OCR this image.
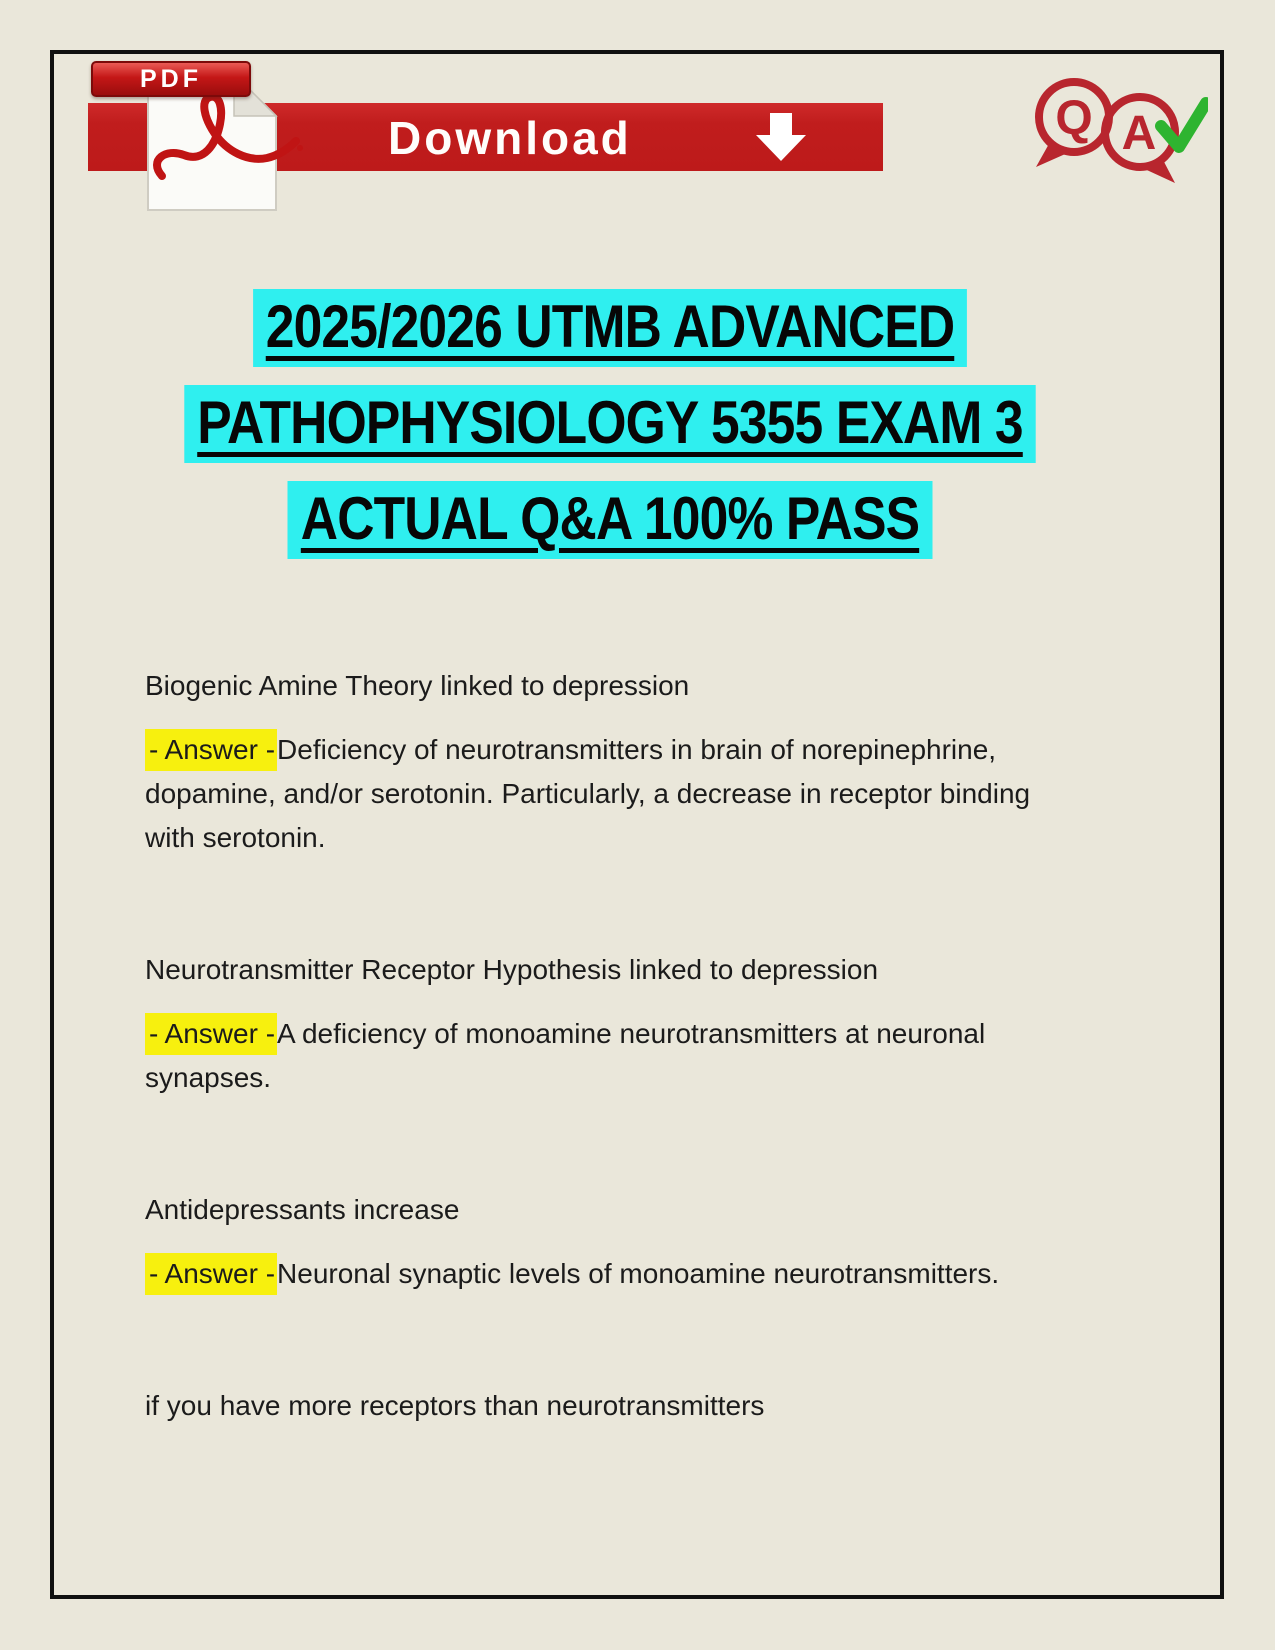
Download
PDF
Q A
2025/2026 UTMB ADVANCED
PATHOPHYSIOLOGY 5355 EXAM 3
ACTUAL Q&A 100% PASS

Biogenic Amine Theory linked to depression

- Answer -Deficiency of neurotransmitters in brain of norepinephrine, dopamine, and/or serotonin. Particularly, a decrease in receptor binding with serotonin.

Neurotransmitter Receptor Hypothesis linked to depression

- Answer -A deficiency of monoamine neurotransmitters at neuronal synapses.

Antidepressants increase

- Answer -Neuronal synaptic levels of monoamine neurotransmitters.

if you have more receptors than neurotransmitters
